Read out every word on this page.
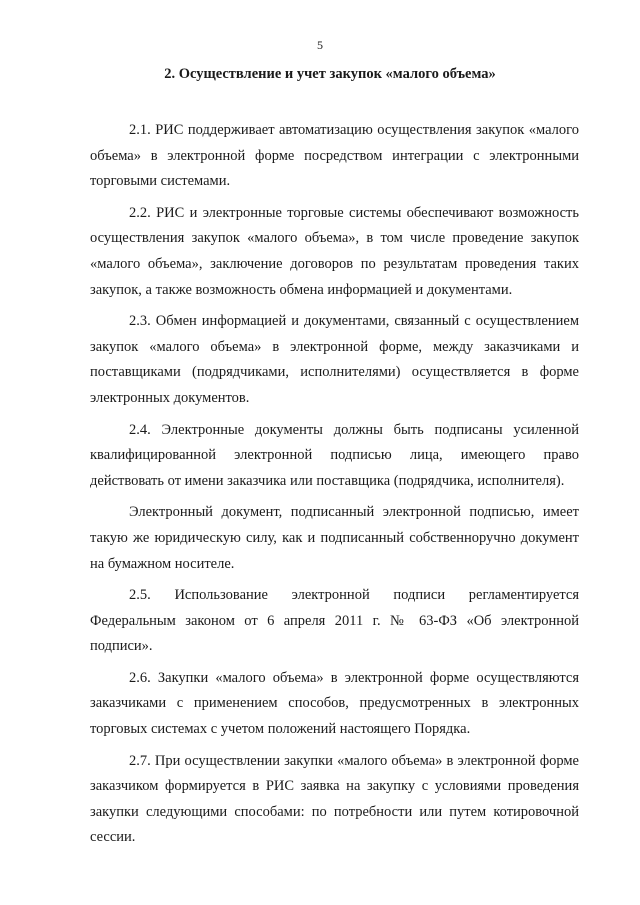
5
2. Осуществление и учет закупок «малого объема»

2.1. РИС поддерживает автоматизацию осуществления закупок «малого объема» в электронной форме посредством интеграции с электронными торговыми системами.

2.2. РИС и электронные торговые системы обеспечивают возможность осуществления закупок «малого объема», в том числе проведение закупок «малого объема», заключение договоров по результатам проведения таких закупок, а также возможность обмена информацией и документами.

2.3. Обмен информацией и документами, связанный с осуществлением закупок «малого объема» в электронной форме, между заказчиками и поставщиками (подрядчиками, исполнителями) осуществляется в форме электронных документов.

2.4. Электронные документы должны быть подписаны усиленной квалифицированной электронной подписью лица, имеющего право действовать от имени заказчика или поставщика (подрядчика, исполнителя).

Электронный документ, подписанный электронной подписью, имеет такую же юридическую силу, как и подписанный собственноручно документ на бумажном носителе.

2.5. Использование электронной подписи регламентируется Федеральным законом от 6 апреля 2011 г. № 63-ФЗ «Об электронной подписи».

2.6. Закупки «малого объема» в электронной форме осуществляются заказчиками с применением способов, предусмотренных в электронных торговых системах с учетом положений настоящего Порядка.

2.7. При осуществлении закупки «малого объема» в электронной форме заказчиком формируется в РИС заявка на закупку с условиями проведения закупки следующими способами: по потребности или путем котировочной сессии.
